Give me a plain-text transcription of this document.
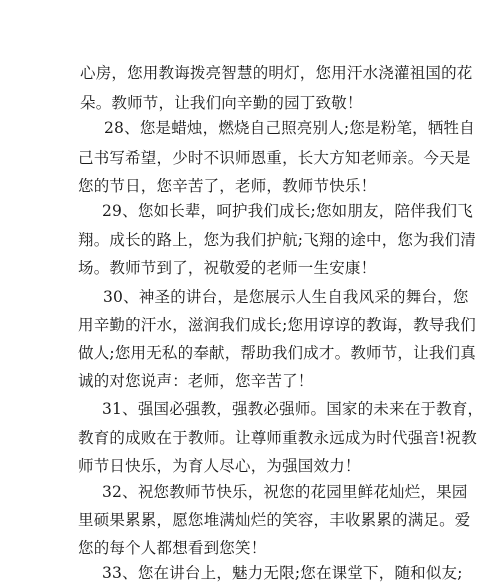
心房，您用教诲拨亮智慧的明灯，您用汗水浇灌祖国的花
朵。教师节，让我们向辛勤的园丁致敬！
28、您是蜡烛，燃烧自己照亮别人;您是粉笔，牺牲自
己书写希望，少时不识师恩重，长大方知老师亲。今天是
您的节日，您辛苦了，老师，教师节快乐！
29、您如长辈，呵护我们成长;您如朋友，陪伴我们飞
翔。成长的路上，您为我们护航;飞翔的途中，您为我们清
场。教师节到了，祝敬爱的老师一生安康！
30、神圣的讲台，是您展示人生自我风采的舞台，您
用辛勤的汗水，滋润我们成长;您用谆谆的教诲，教导我们
做人;您用无私的奉献，帮助我们成才。教师节，让我们真
诚的对您说声：老师，您辛苦了！
31、强国必强教，强教必强师。国家的未来在于教育，
教育的成败在于教师。让尊师重教永远成为时代强音!祝教
师节日快乐，为育人尽心，为强国效力！
32、祝您教师节快乐，祝您的花园里鲜花灿烂，果园
里硕果累累，愿您堆满灿烂的笑容，丰收累累的满足。爱
您的每个人都想看到您笑！
33、您在讲台上，魅力无限;您在课堂下，随和似友;
